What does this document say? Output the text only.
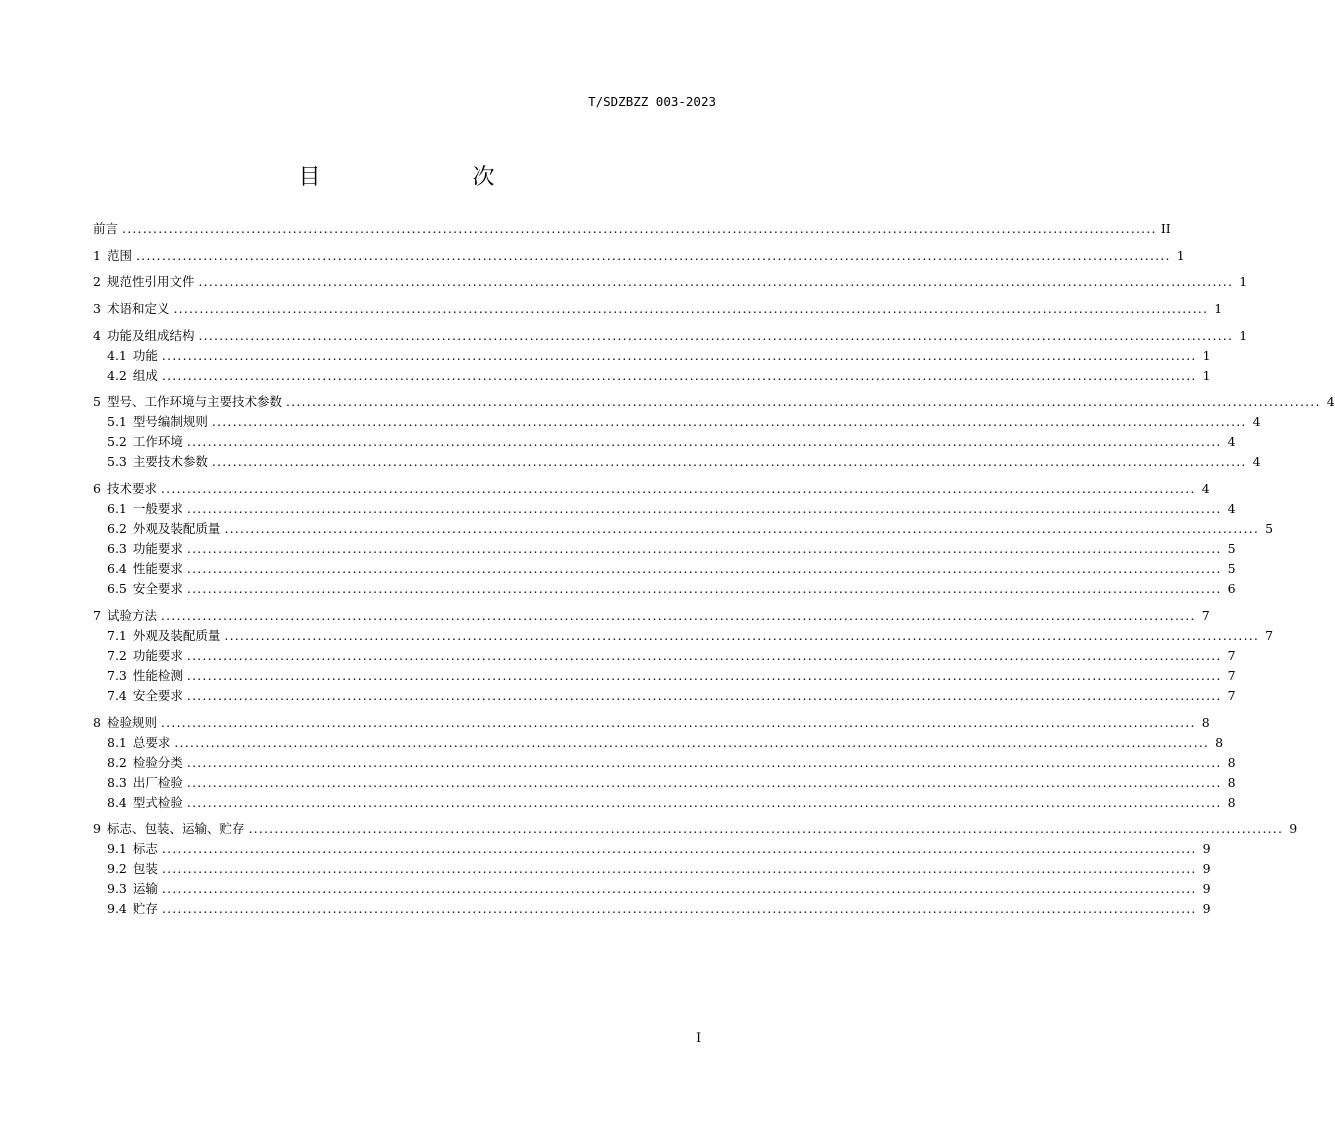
T/SDZBZZ 003-2023
目　　次
前言 ........................................................................................................................................................................................................ II
1 范围 ........................................................................................................................................................................................................ 1
2 规范性引用文件 ........................................................................................................................................................................................................ 1
3 术语和定义 ........................................................................................................................................................................................................ 1
4 功能及组成结构 ........................................................................................................................................................................................................ 1
4.1 功能 ........................................................................................................................................................................................................ 1
4.2 组成 ........................................................................................................................................................................................................ 1
5 型号、工作环境与主要技术参数 ........................................................................................................................................................................................................ 4
5.1 型号编制规则 ........................................................................................................................................................................................................ 4
5.2 工作环境 ........................................................................................................................................................................................................ 4
5.3 主要技术参数 ........................................................................................................................................................................................................ 4
6 技术要求 ........................................................................................................................................................................................................ 4
6.1 一般要求 ........................................................................................................................................................................................................ 4
6.2 外观及装配质量 ........................................................................................................................................................................................................ 5
6.3 功能要求 ........................................................................................................................................................................................................ 5
6.4 性能要求 ........................................................................................................................................................................................................ 5
6.5 安全要求 ........................................................................................................................................................................................................ 6
7 试验方法 ........................................................................................................................................................................................................ 7
7.1 外观及装配质量 ........................................................................................................................................................................................................ 7
7.2 功能要求 ........................................................................................................................................................................................................ 7
7.3 性能检测 ........................................................................................................................................................................................................ 7
7.4 安全要求 ........................................................................................................................................................................................................ 7
8 检验规则 ........................................................................................................................................................................................................ 8
8.1 总要求 ........................................................................................................................................................................................................ 8
8.2 检验分类 ........................................................................................................................................................................................................ 8
8.3 出厂检验 ........................................................................................................................................................................................................ 8
8.4 型式检验 ........................................................................................................................................................................................................ 8
9 标志、包装、运输、贮存 ........................................................................................................................................................................................................ 9
9.1 标志 ........................................................................................................................................................................................................ 9
9.2 包装 ........................................................................................................................................................................................................ 9
9.3 运输 ........................................................................................................................................................................................................ 9
9.4 贮存 ........................................................................................................................................................................................................ 9
I
